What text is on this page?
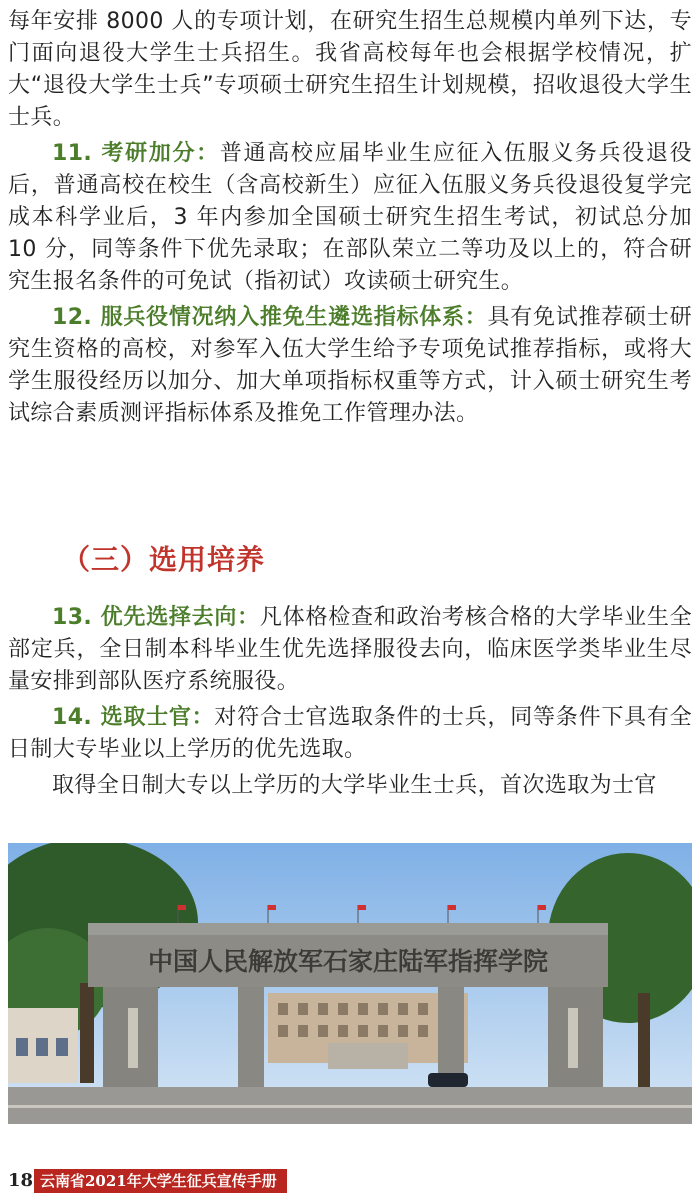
每年安排 8000 人的专项计划，在研究生招生总规模内单列下达，专门面向退役大学生士兵招生。我省高校每年也会根据学校情况，扩大“退役大学生士兵”专项硕士研究生招生计划规模，招收退役大学生士兵。

11. 考研加分：普通高校应届毕业生应征入伍服义务兵役退役后，普通高校在校生（含高校新生）应征入伍服义务兵役退役复学完成本科学业后，3 年内参加全国硕士研究生招生考试，初试总分加 10 分，同等条件下优先录取；在部队荣立二等功及以上的，符合研究生报名条件的可免试（指初试）攻读硕士研究生。

12. 服兵役情况纳入推免生遴选指标体系：具有免试推荐硕士研究生资格的高校，对参军入伍大学生给予专项免试推荐指标，或将大学生服役经历以加分、加大单项指标权重等方式，计入硕士研究生考试综合素质测评指标体系及推免工作管理办法。

（三）选用培养

13. 优先选择去向：凡体格检查和政治考核合格的大学毕业生全部定兵，全日制本科毕业生优先选择服役去向，临床医学类毕业生尽量安排到部队医疗系统服役。

14. 选取士官：对符合士官选取条件的士兵，同等条件下具有全日制大专毕业以上学历的优先选取。

取得全日制大专以上学历的大学毕业生士兵，首次选取为士官

中国人民解放军石家庄陆军指挥学院
18 云南省2021年大学生征兵宣传手册
